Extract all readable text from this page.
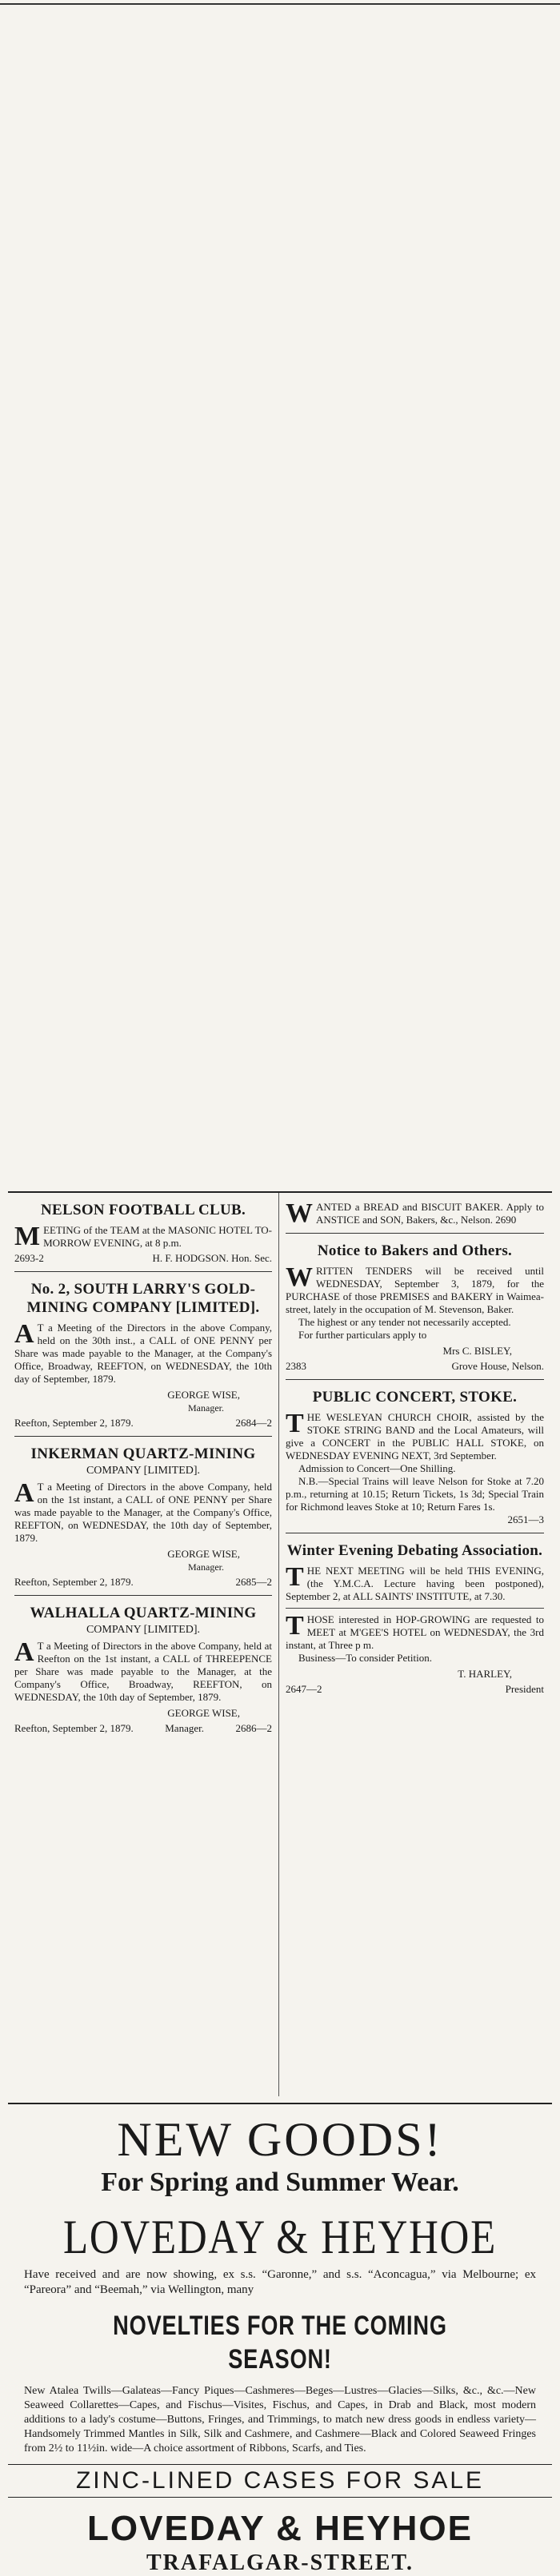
NELSON FOOTBALL CLUB.

MEETING of the TEAM at the MASONIC HOTEL TO-MORROW EVENING, at 8 p.m.

2693-2	H. F. HODGSON. Hon. Sec.
No. 2, SOUTH LARRY'S GOLD-MINING COMPANY [LIMITED].

A T a Meeting of the Directors in the above Company, held on the 30th inst., a CALL of ONE PENNY per Share was made payable to the Manager, at the Company's Office, Broadway, REEFTON, on WEDNESDAY, the 10th day of September, 1879.

GEORGE WISE,
Manager.
Reefton, September 2, 1879.	2684—2
INKERMAN QUARTZ-MINING
COMPANY [LIMITED].

A T a Meeting of Directors in the above Company, held on the 1st instant, a CALL of ONE PENNY per Share was made payable to the Manager, at the Company's Office, REEFTON, on WEDNESDAY, the 10th day of September, 1879.

GEORGE WISE,
Manager.
Reefton, September 2, 1879.	2685—2
WALHALLA QUARTZ-MINING
COMPANY [LIMITED].

A T a Meeting of Directors in the above Company, held at Reefton on the 1st instant, a CALL of THREEPENCE per Share was made payable to the Manager, at the Company's Office, Broadway, REEFTON, on WEDNESDAY, the 10th day of September, 1879.

GEORGE WISE,
Reefton, September 2, 1879.	Manager.	2686—2

WANTED a BREAD and BISCUIT BAKER. Apply to ANSTICE and SON, Bakers, &c., Nelson. 2690

Notice to Bakers and Others.

WRITTEN TENDERS will be received until WEDNESDAY, September 3, 1879, for the PURCHASE of those PREMISES and BAKERY in Waimea-street, lately in the occupation of M. Stevenson, Baker.

The highest or any tender not necessarily accepted.

For further particulars apply to

Mrs C. BISLEY,
2383	Grove House, Nelson.
PUBLIC CONCERT, STOKE.

THE WESLEYAN CHURCH CHOIR, assisted by the STOKE STRING BAND and the Local Amateurs, will give a CONCERT in the PUBLIC HALL STOKE, on WEDNESDAY EVENING NEXT, 3rd September.

Admission to Concert—One Shilling.

N.B.—Special Trains will leave Nelson for Stoke at 7.20 p.m., returning at 10.15; Return Tickets, 1s 3d; Special Train for Richmond leaves Stoke at 10; Return Fares 1s.

2651—3
Winter Evening Debating Association.

THE NEXT MEETING will be held THIS EVENING, (the Y.M.C.A. Lecture having been postponed), September 2, at ALL SAINTS' INSTITUTE, at 7.30.

THOSE interested in HOP-GROWING are requested to MEET at M'GEE'S HOTEL on WEDNESDAY, the 3rd instant, at Three p m.

Business—To consider Petition.

T. HARLEY,
2647—2	President
NEW GOODS!
For Spring and Summer Wear.
LOVEDAY & HEYHOE
Have received and are now showing, ex s.s. “Garonne,” and s.s. “Aconcagua,” via Melbourne; ex “Pareora” and “Beemah,” via Wellington, many
NOVELTIES FOR THE COMING SEASON!
New Atalea Twills—Galateas—Fancy Piques—Cashmeres—Beges—Lustres—Glacies—Silks, &c., &c.—New Seaweed Collarettes—Capes, and Fischus—Visites, Fischus, and Capes, in Drab and Black, most modern additions to a lady's costume—Buttons, Fringes, and Trimmings, to match new dress goods in endless variety—Handsomely Trimmed Mantles in Silk, Silk and Cashmere, and Cashmere—Black and Colored Seaweed Fringes from 2½ to 11½in. wide—A choice assortment of Ribbons, Scarfs, and Ties.
ZINC-LINED CASES FOR SALE
LOVEDAY & HEYHOE
TRAFALGAR-STREET.
